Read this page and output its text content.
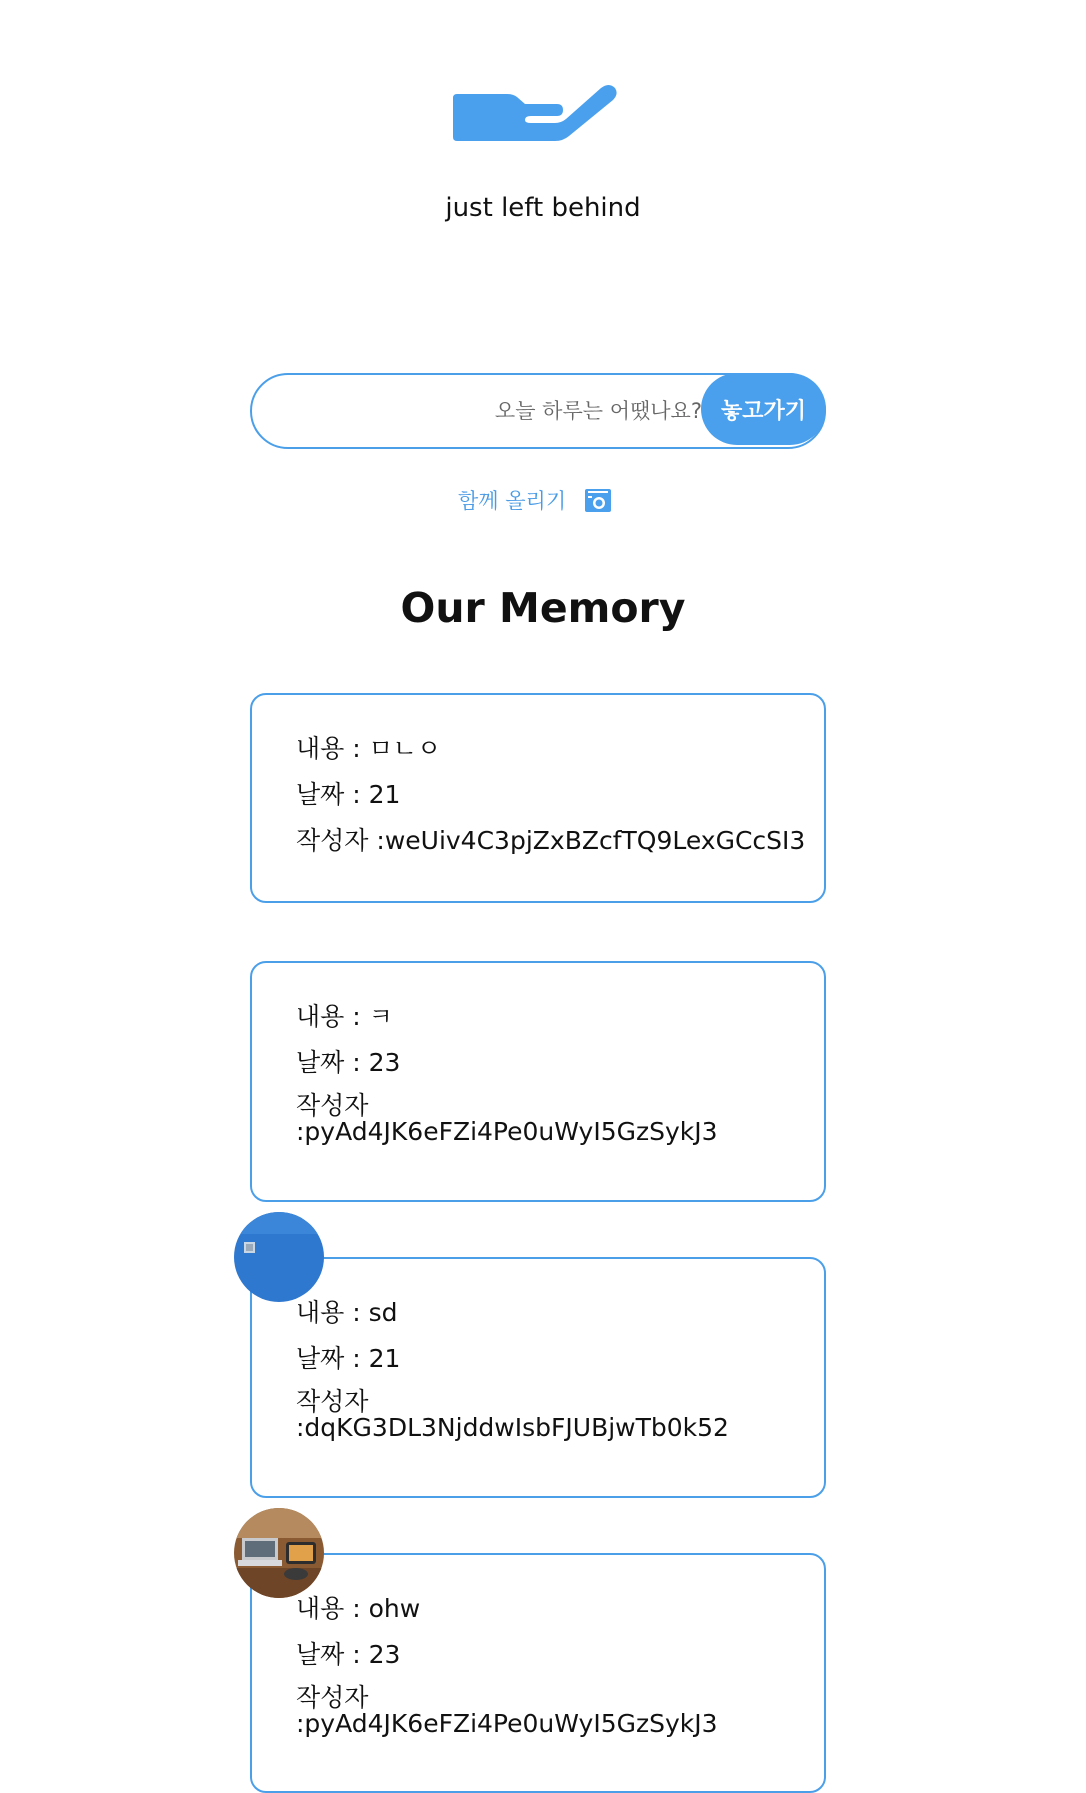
just left behind
오늘 하루는 어땠나요?
놓고가기
함께 올리기
Our Memory
내용 : ㅁㄴㅇ
날짜 : 21
작성자 :weUiv4C3pjZxBZcfTQ9LexGCcSI3
내용 : ㅋ
날짜 : 23
작성자
:pyAd4JK6eFZi4Pe0uWyI5GzSykJ3
내용 : sd
날짜 : 21
작성자
:dqKG3DL3NjddwIsbFJUBjwTb0k52
내용 : ohw
날짜 : 23
작성자
:pyAd4JK6eFZi4Pe0uWyI5GzSykJ3
